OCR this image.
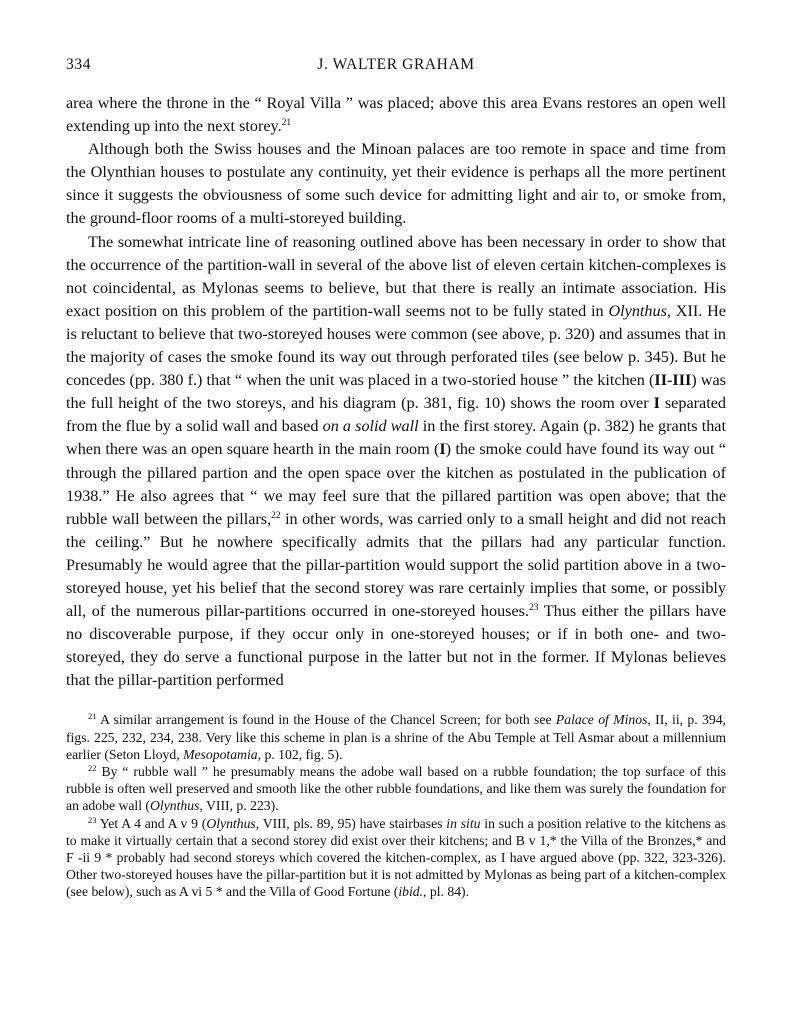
334	J. WALTER GRAHAM

area where the throne in the “ Royal Villa ” was placed; above this area Evans restores an open well extending up into the next storey.$^{21}$

Although both the Swiss houses and the Minoan palaces are too remote in space and time from the Olynthian houses to postulate any continuity, yet their evidence is perhaps all the more pertinent since it suggests the obviousness of some such device for admitting light and air to, or smoke from, the ground-floor rooms of a multi-storeyed building.

The somewhat intricate line of reasoning outlined above has been necessary in order to show that the occurrence of the partition-wall in several of the above list of eleven certain kitchen-complexes is not coincidental, as Mylonas seems to believe, but that there is really an intimate association. His exact position on this problem of the partition-wall seems not to be fully stated in Olynthus, XII. He is reluctant to believe that two-storeyed houses were common (see above, p. 320) and assumes that in the majority of cases the smoke found its way out through perforated tiles (see below p. 345). But he concedes (pp. 380 f.) that “ when the unit was placed in a two-storied house ” the kitchen (II-III) was the full height of the two storeys, and his diagram (p. 381, fig. 10) shows the room over I separated from the flue by a solid wall and based on a solid wall in the first storey. Again (p. 382) he grants that when there was an open square hearth in the main room (I) the smoke could have found its way out “ through the pillared partion and the open space over the kitchen as postulated in the publication of 1938.” He also agrees that “ we may feel sure that the pillared partition was open above; that the rubble wall between the pillars,$^{22}$ in other words, was carried only to a small height and did not reach the ceiling.” But he nowhere specifically admits that the pillars had any particular function. Presumably he would agree that the pillar-partition would support the solid partition above in a two-storeyed house, yet his belief that the second storey was rare certainly implies that some, or possibly all, of the numerous pillar-partitions occurred in one-storeyed houses.$^{23}$ Thus either the pillars have no discoverable purpose, if they occur only in one-storeyed houses; or if in both one- and two-storeyed, they do serve a functional purpose in the latter but not in the former. If Mylonas believes that the pillar-partition performed

$^{21}$ A similar arrangement is found in the House of the Chancel Screen; for both see Palace of Minos, II, ii, p. 394, figs. 225, 232, 234, 238. Very like this scheme in plan is a shrine of the Abu Temple at Tell Asmar about a millennium earlier (Seton Lloyd, Mesopotamia, p. 102, fig. 5).

$^{22}$ By “ rubble wall ” he presumably means the adobe wall based on a rubble foundation; the top surface of this rubble is often well preserved and smooth like the other rubble foundations, and like them was surely the foundation for an adobe wall (Olynthus, VIII, p. 223).

$^{23}$ Yet A 4 and A v 9 (Olynthus, VIII, pls. 89, 95) have stairbases in situ in such a position relative to the kitchens as to make it virtually certain that a second storey did exist over their kitchens; and B v 1,* the Villa of the Bronzes,* and F -ii 9 * probably had second storeys which covered the kitchen-complex, as I have argued above (pp. 322, 323-326). Other two-storeyed houses have the pillar-partition but it is not admitted by Mylonas as being part of a kitchen-complex (see below), such as A vi 5 * and the Villa of Good Fortune (ibid., pl. 84).
